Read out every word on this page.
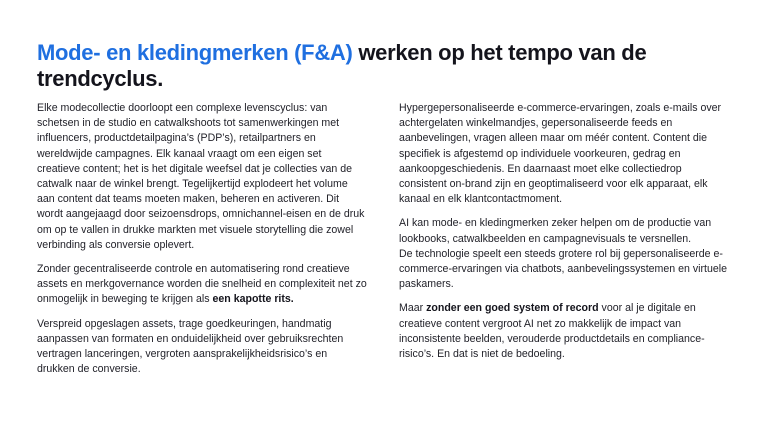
Mode- en kledingmerken (F&A) werken op het tempo van de trendcyclus.

Elke modecollectie doorloopt een complexe levenscyclus: van schetsen in de studio en catwalkshoots tot samenwerkingen met influencers, productdetailpagina’s (PDP’s), retailpartners en wereldwijde campagnes. Elk kanaal vraagt om een eigen set creatieve content; het is het digitale weefsel dat je collecties van de catwalk naar de winkel brengt. Tegelijkertijd explodeert het volume aan content dat teams moeten maken, beheren en activeren. Dit wordt aangejaagd door seizoensdrops, omnichannel-eisen en de druk om op te vallen in drukke markten met visuele storytelling die zowel verbinding als conversie oplevert.

Zonder gecentraliseerde controle en automatisering rond creatieve assets en merkgovernance worden die snelheid en complexiteit net zo onmogelijk in beweging te krijgen als een kapotte rits.

Verspreid opgeslagen assets, trage goedkeuringen, handmatig aanpassen van formaten en onduidelijkheid over gebruiksrechten vertragen lanceringen, vergroten aansprakelijkheidsrisico’s en drukken de conversie.

Hypergepersonaliseerde e-commerce-ervaringen, zoals e-mails over achtergelaten winkelmandjes, gepersonaliseerde feeds en aanbevelingen, vragen alleen maar om méér content. Content die specifiek is afgestemd op individuele voorkeuren, gedrag en aankoopgeschiedenis. En daarnaast moet elke collectiedrop consistent on-brand zijn en geoptimaliseerd voor elk apparaat, elk kanaal en elk klantcontactmoment.

AI kan mode- en kledingmerken zeker helpen om de productie van lookbooks, catwalkbeelden en campagnevisuals te versnellen.
De technologie speelt een steeds grotere rol bij gepersonaliseerde e-commerce-ervaringen via chatbots, aanbevelingssystemen en virtuele paskamers.

Maar zonder een goed system of record voor al je digitale en creatieve content vergroot AI net zo makkelijk de impact van inconsistente beelden, verouderde productdetails en compliance-risico’s. En dat is niet de bedoeling.
